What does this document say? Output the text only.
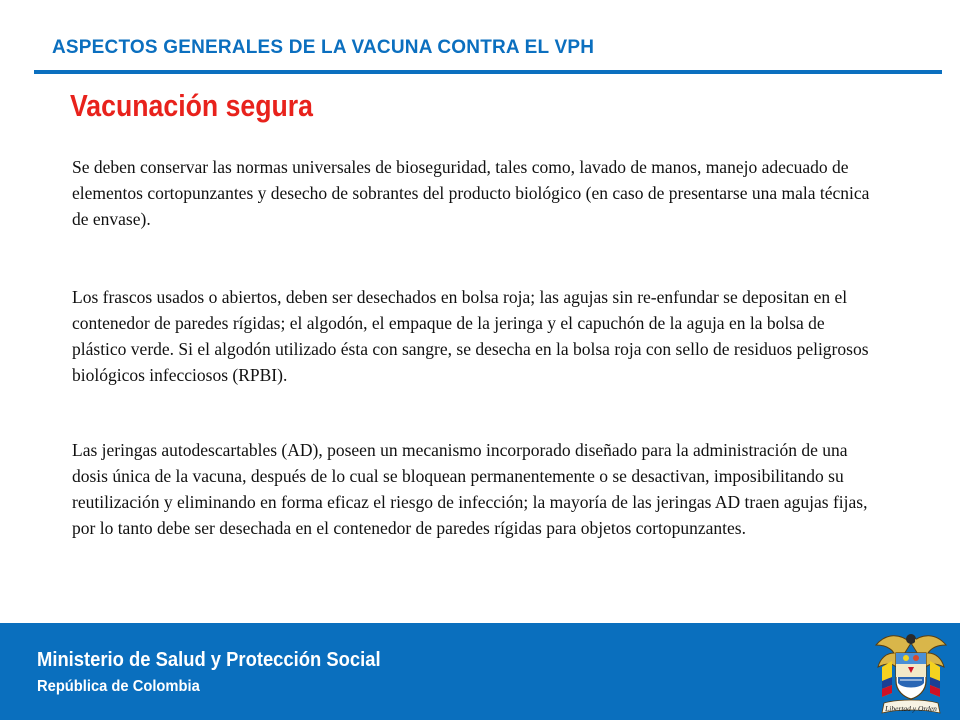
ASPECTOS GENERALES DE LA VACUNA CONTRA EL VPH
Vacunación segura

Se deben conservar las normas universales de bioseguridad, tales como, lavado de manos, manejo adecuado de elementos cortopunzantes y desecho de sobrantes del producto biológico (en caso de presentarse una mala técnica de envase).

Los frascos usados o abiertos, deben ser desechados en bolsa roja; las agujas sin re-enfundar se depositan en el contenedor de paredes rígidas; el algodón, el empaque de la jeringa y el capuchón de la aguja en la bolsa de plástico verde. Si el algodón utilizado ésta con sangre, se desecha en la bolsa roja con sello de residuos peligrosos biológicos infecciosos (RPBI).

Las jeringas autodescartables (AD), poseen un mecanismo incorporado diseñado para la administración de una dosis única de la vacuna, después de lo cual se bloquean permanentemente o se desactivan, imposibilitando su reutilización y eliminando en forma eficaz el riesgo de infección; la mayoría de las jeringas AD traen agujas fijas, por lo tanto debe ser desechada en el contenedor de paredes rígidas para objetos cortopunzantes.

Ministerio de Salud y Protección Social
República de Colombia
Libertad y Orden
